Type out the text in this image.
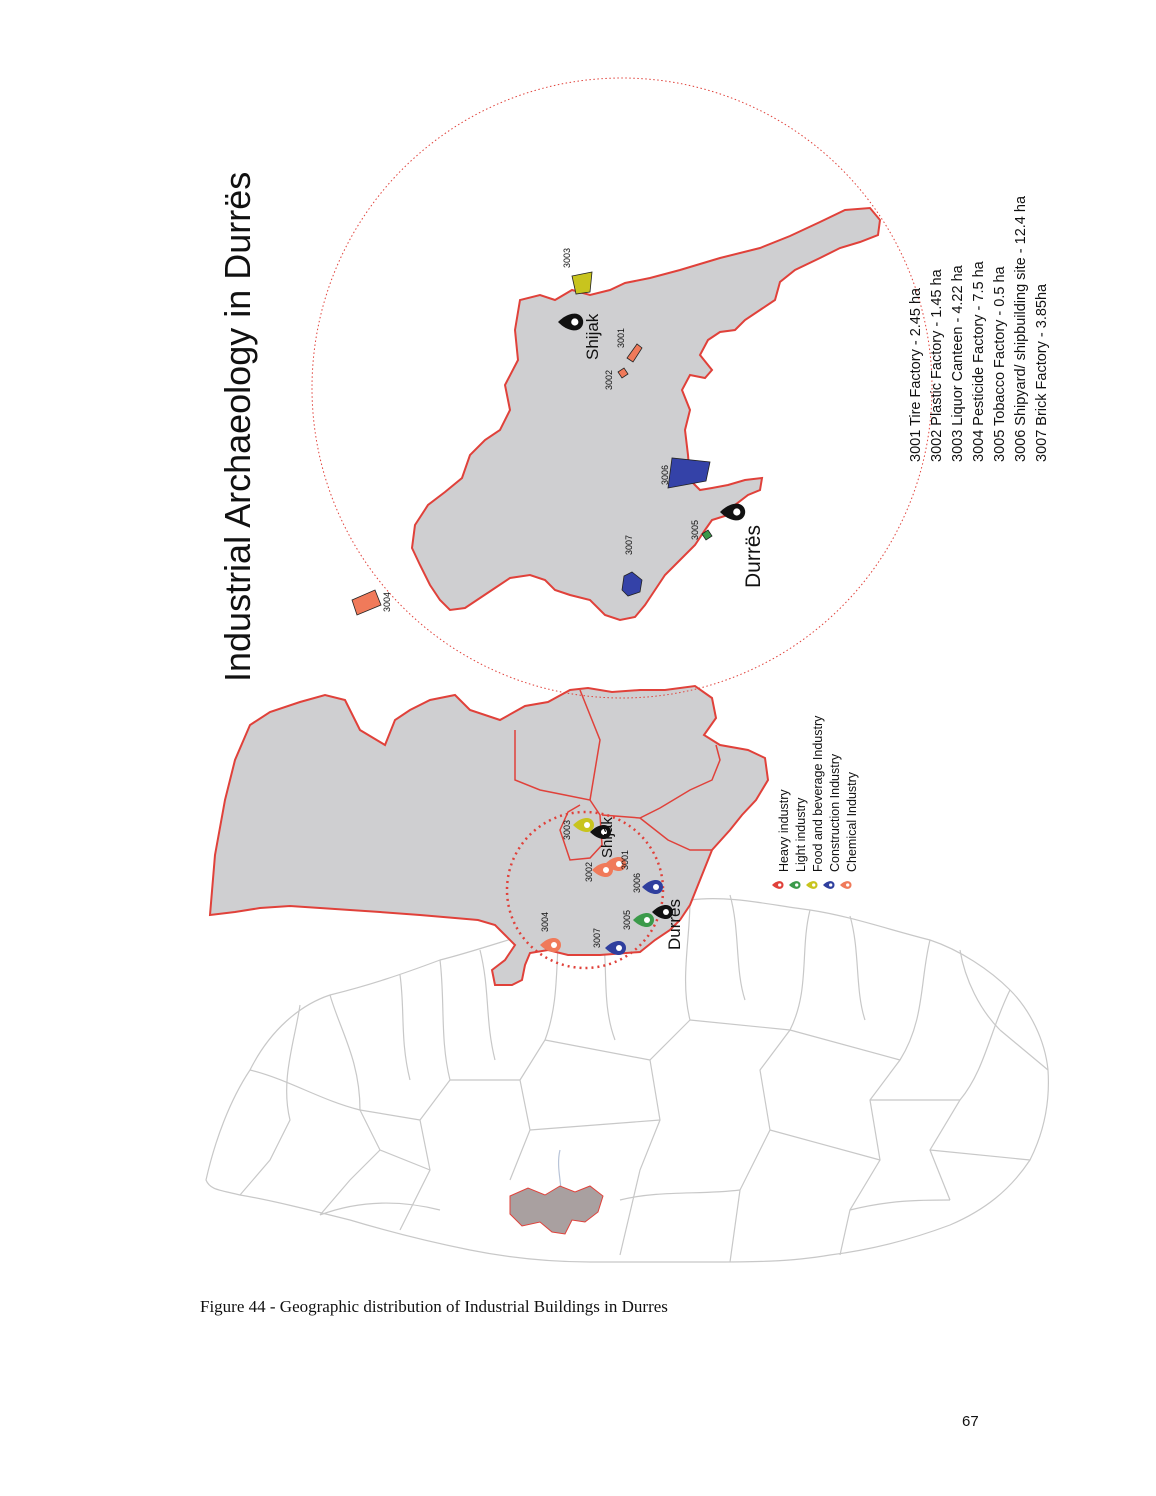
3004
3007
3005
3006
3002
3001
3003
Durrës
Shijak	Heavy industry Light industry Food and beverage Industry Construction Industry Chemical Industry
Industrial Archaeology in Durrës	3003
3001
3002
3006
3005
3007
3004
Shijak
Durrës
3001 Tire Factory - 2.45 ha 3002 Plastic Factory - 1.45 ha 3003 Liquor Canteen - 4.22 ha 3004 Pesticide Factory - 7.5 ha 3005 Tobacco Factory - 0.5 ha 3006 Shipyard/ shipbuilding site - 12.4 ha 3007 Brick Factory - 3.85ha
Figure 44 - Geographic distribution of Industrial Buildings in Durres
67
